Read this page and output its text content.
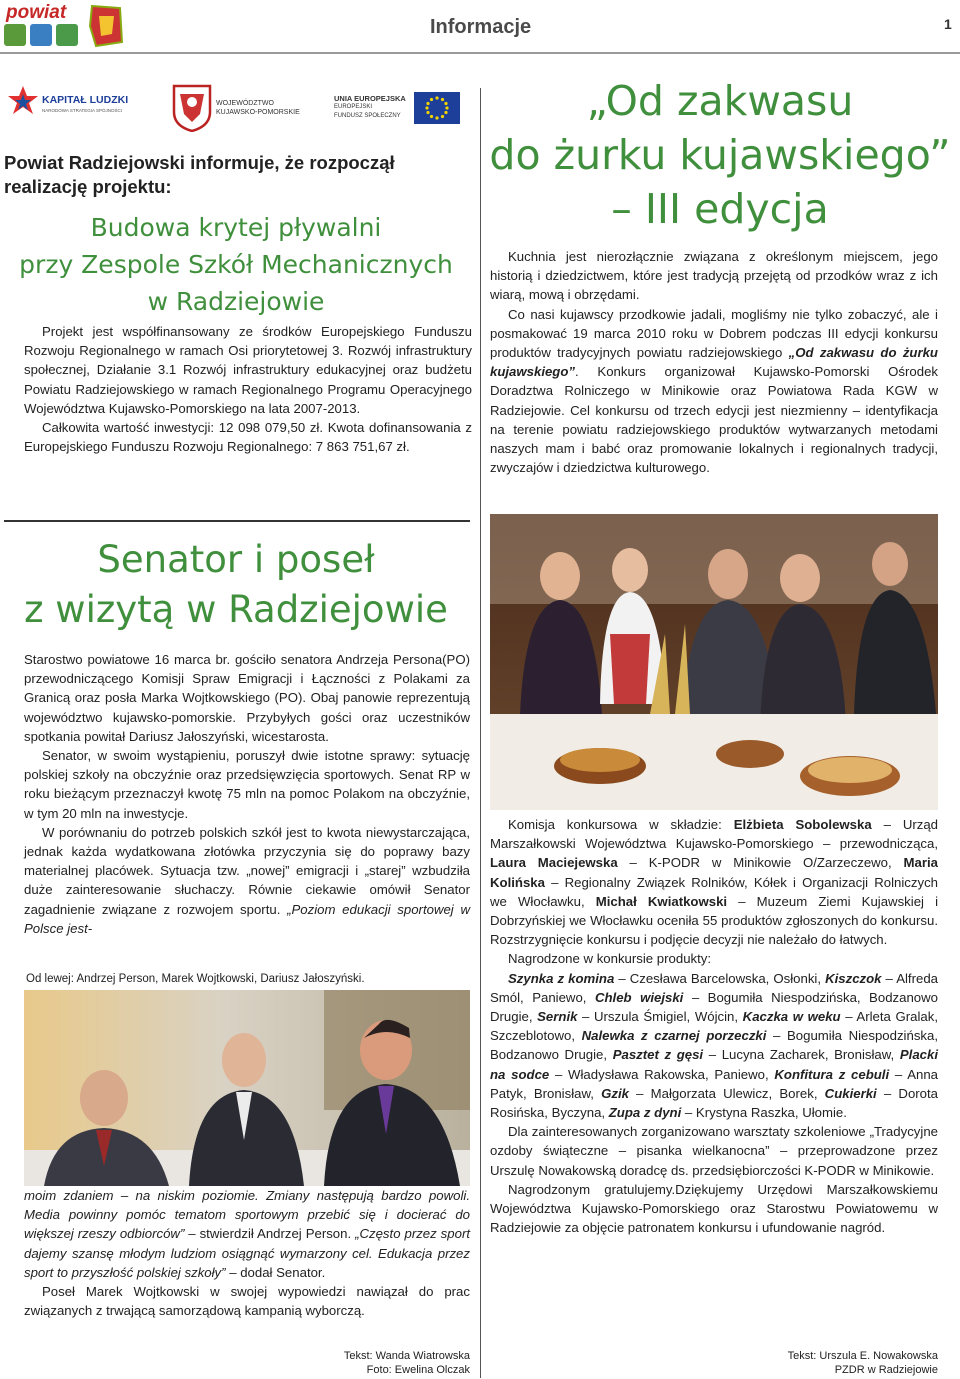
powiat
Informacje	1
KAPITAŁ LUDZKI
NARODOWA STRATEGIA SPÓJNOŚCI
WOJEWÓDZTWO
KUJAWSKO-POMORSKIE
UNIA EUROPEJSKA
EUROPEJSKI
FUNDUSZ SPOŁECZNY
Powiat Radziejowski informuje, że rozpoczął realizację projektu:
Budowa krytej pływalni
przy Zespole Szkół Mechanicznych
w Radziejowie

Projekt jest współfinansowany ze środków Europejskiego Funduszu Rozwoju Regionalnego w ramach Osi priorytetowej 3. Rozwój infrastruktury społecznej, Działanie 3.1 Rozwój infrastruktury edukacyjnej oraz budżetu Powiatu Radziejowskiego w ramach Regionalnego Programu Operacyjnego Województwa Kujawsko-Pomorskiego na lata 2007-2013.

Całkowita wartość inwestycji: 12 098 079,50 zł. Kwota dofinansowania z Europejskiego Funduszu Rozwoju Regionalnego: 7 863 751,67 zł.

Senator i poseł
z wizytą w Radziejowie

Starostwo powiatowe 16 marca br. gościło senatora Andrzeja Persona(PO) przewodniczącego Komisji Spraw Emigracji i Łączności z Polakami za Granicą oraz posła Marka Wojtkowskiego (PO). Obaj panowie reprezentują województwo kujawsko-pomorskie. Przybyłych gości oraz uczestników spotkania powitał Dariusz Jałoszyński, wicestarosta.

Senator, w swoim wystąpieniu, poruszył dwie istotne sprawy: sytuację polskiej szkoły na obczyźnie oraz przedsięwzięcia sportowych. Senat RP w roku bieżącym przeznaczył kwotę 75 mln na pomoc Polakom na obczyźnie, w tym 20 mln na inwestycje.

W porównaniu do potrzeb polskich szkół jest to kwota niewystarczająca, jednak każda wydatkowana złotówka przyczynia się do poprawy bazy materialnej placówek. Sytuacja tzw. „nowej” emigracji i „starej” wzbudziła duże zainteresowanie słuchaczy. Równie ciekawie omówił Senator zagadnienie związane z rozwojem sportu. „Poziom edukacji sportowej w Polsce jest-

Od lewej: Andrzej Person, Marek Wojtkowski, Dariusz Jałoszyński.

moim zdaniem – na niskim poziomie. Zmiany następują bardzo powoli. Media powinny pomóc tematom sportowym przebić się i docierać do większej rzeszy odbiorców” – stwierdził Andrzej Person. „Często przez sport dajemy szansę młodym ludziom osiągnąć wymarzony cel. Edukacja przez sport to przyszłość polskiej szkoły” – dodał Senator.

Poseł Marek Wojtkowski w swojej wypowiedzi nawiązał do prac związanych z trwającą samorządową kampanią wyborczą.

Tekst: Wanda Wiatrowska
Foto: Ewelina Olczak
„Od zakwasu
do żurku kujawskiego”
– III edycja

Kuchnia jest nierozłącznie związana z określonym miejscem, jego historią i dziedzictwem, które jest tradycją przejętą od przodków wraz z ich wiarą, mową i obrzędami.

Co nasi kujawscy przodkowie jadali, mogliśmy nie tylko zobaczyć, ale i posmakować 19 marca 2010 roku w Dobrem podczas III edycji konkursu produktów tradycyjnych powiatu radziejowskiego „Od zakwasu do żurku kujawskiego”. Konkurs organizował Kujawsko-Pomorski Ośrodek Doradztwa Rolniczego w Minikowie oraz Powiatowa Rada KGW w Radziejowie. Cel konkursu od trzech edycji jest niezmienny – identyfikacja na terenie powiatu radziejowskiego produktów wytwarzanych metodami naszych mam i babć oraz promowanie lokalnych i regionalnych tradycji, zwyczajów i dziedzictwa kulturowego.

Komisja konkursowa w składzie: Elżbieta Sobolewska – Urząd Marszałkowski Województwa Kujawsko-Pomorskiego – przewodnicząca, Laura Maciejewska – K-PODR w Minikowie O/Zarzeczewo, Maria Kolińska – Regionalny Związek Rolników, Kółek i Organizacji Rolniczych we Włocławku, Michał Kwiatkowski – Muzeum Ziemi Kujawskiej i Dobrzyńskiej we Włocławku oceniła 55 produktów zgłoszonych do konkursu. Rozstrzygnięcie konkursu i podjęcie decyzji nie należało do łatwych.

Nagrodzone w konkursie produkty:

Szynka z komina – Czesława Barcelowska, Osłonki, Kiszczok – Alfreda Smól, Paniewo, Chleb wiejski – Bogumiła Niespodzińska, Bodzanowo Drugie, Sernik – Urszula Śmigiel, Wójcin, Kaczka w weku – Arleta Gralak, Szczeblotowo, Nalewka z czarnej porzeczki – Bogumiła Niespodzińska, Bodzanowo Drugie, Pasztet z gęsi – Lucyna Zacharek, Bronisław, Placki na sodce – Władysława Rakowska, Paniewo, Konfitura z cebuli – Anna Patyk, Bronisław, Gzik – Małgorzata Ulewicz, Borek, Cukierki – Dorota Rosińska, Byczyna, Zupa z dyni – Krystyna Raszka, Ułomie.

Dla zainteresowanych zorganizowano warsztaty szkoleniowe „Tradycyjne ozdoby świąteczne – pisanka wielkanocna” – przeprowadzone przez Urszulę Nowakowską doradcę ds. przedsiębiorczości K-PODR w Minikowie.

Nagrodzonym gratulujemy.Dziękujemy Urzędowi Marszałkowskiemu Województwa Kujawsko-Pomorskiego oraz Starostwu Powiatowemu w Radziejowie za objęcie patronatem konkursu i ufundowanie nagród.

Tekst: Urszula E. Nowakowska
PZDR w Radziejowie
